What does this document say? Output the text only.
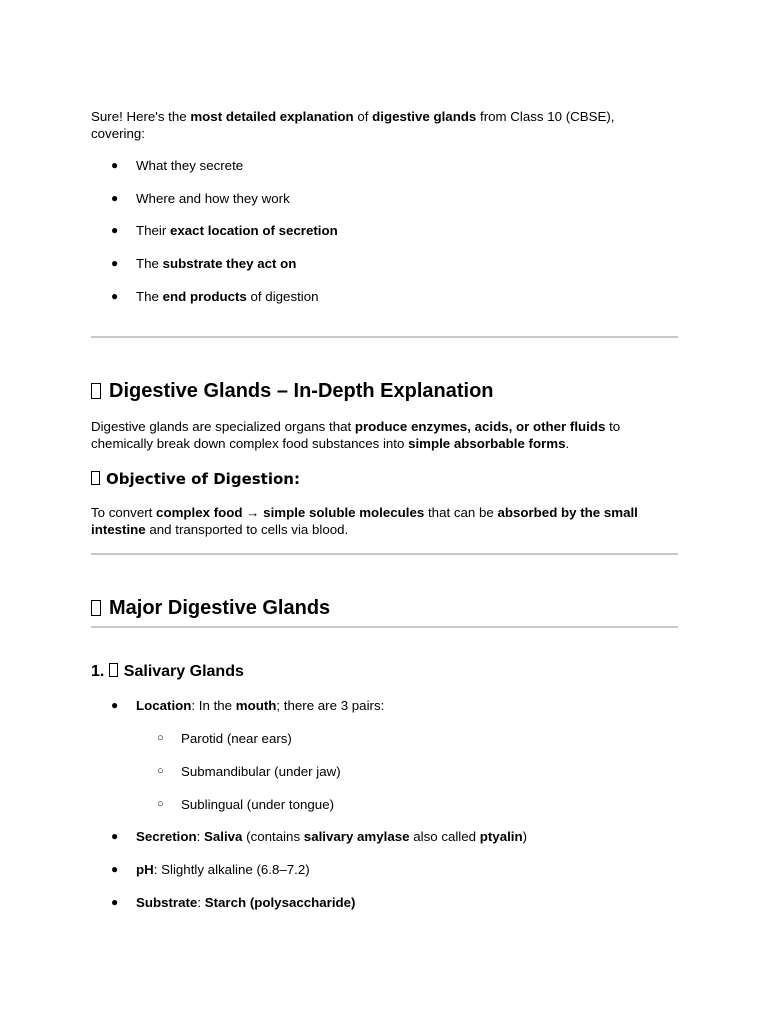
Sure! Here's the most detailed explanation of digestive glands from Class 10 (CBSE),

covering:

● What they secrete
● Where and how they work
● Their exact location of secretion
● The substrate they act on
● The end products of digestion
Digestive Glands – In-Depth Explanation

Digestive glands are specialized organs that produce enzymes, acids, or other fluids to

chemically break down complex food substances into simple absorbable forms.

Objective of Digestion:

To convert complex food → simple soluble molecules that can be absorbed by the small

intestine and transported to cells via blood.

Major Digestive Glands
1. Salivary Glands
● Location: In the mouth; there are 3 pairs:
○ Parotid (near ears)
○ Submandibular (under jaw)
○ Sublingual (under tongue)
● Secretion: Saliva (contains salivary amylase also called ptyalin)
● pH: Slightly alkaline (6.8–7.2)
● Substrate: Starch (polysaccharide)
